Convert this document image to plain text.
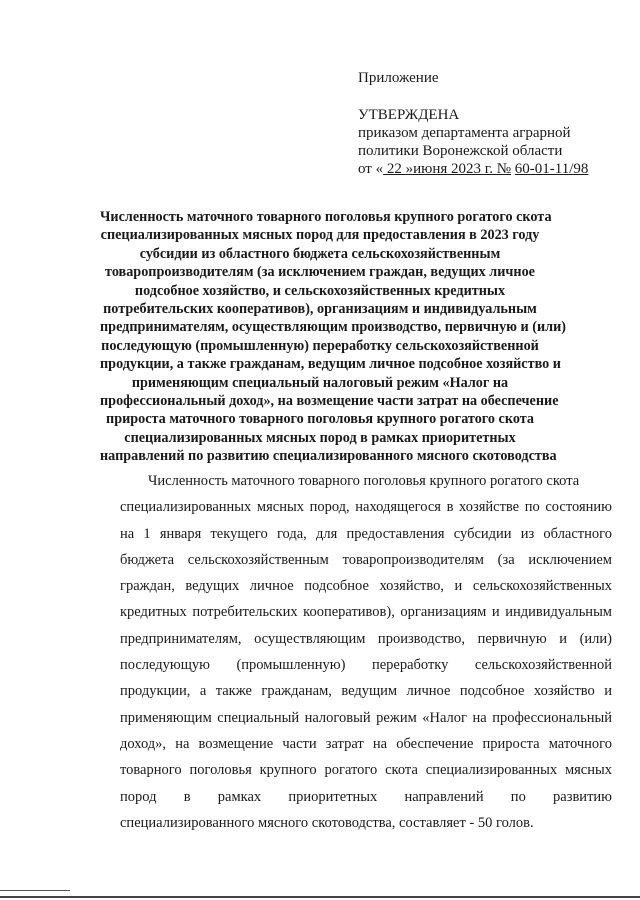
Приложение
УТВЕРЖДЕНА
приказом департамента аграрной
политики Воронежской области
от « 22 »июня 2023 г. № 60-01-11/98
Численность маточного товарного поголовья крупного рогатого скота
специализированных мясных пород для предоставления в 2023 году
субсидии из областного бюджета сельскохозяйственным
товаропроизводителям (за исключением граждан, ведущих личное
подсобное хозяйство, и сельскохозяйственных кредитных
потребительских кооперативов), организациям и индивидуальным
предпринимателям, осуществляющим производство, первичную и (или)
последующую (промышленную) переработку сельскохозяйственной
продукции, а также гражданам, ведущим личное подсобное хозяйство и
применяющим специальный налоговый режим «Налог на
профессиональный доход», на возмещение части затрат на обеспечение
прироста маточного товарного поголовья крупного рогатого скота
специализированных мясных пород в рамках приоритетных
направлений по развитию специализированного мясного скотоводства
Численность маточного товарного поголовья крупного рогатого скота
специализированных мясных пород, находящегося в хозяйстве по состоянию
на 1 января текущего года, для предоставления субсидии из областного
бюджета сельскохозяйственным товаропроизводителям (за исключением
граждан, ведущих личное подсобное хозяйство, и сельскохозяйственных
кредитных потребительских кооперативов), организациям и индивидуальным
предпринимателям, осуществляющим производство, первичную и (или)
последующую (промышленную) переработку сельскохозяйственной
продукции, а также гражданам, ведущим личное подсобное хозяйство и
применяющим специальный налоговый режим «Налог на профессиональный
доход», на возмещение части затрат на обеспечение прироста маточного
товарного поголовья крупного рогатого скота специализированных мясных
пород в рамках приоритетных направлений по развитию
специализированного мясного скотоводства, составляет - 50 голов.
